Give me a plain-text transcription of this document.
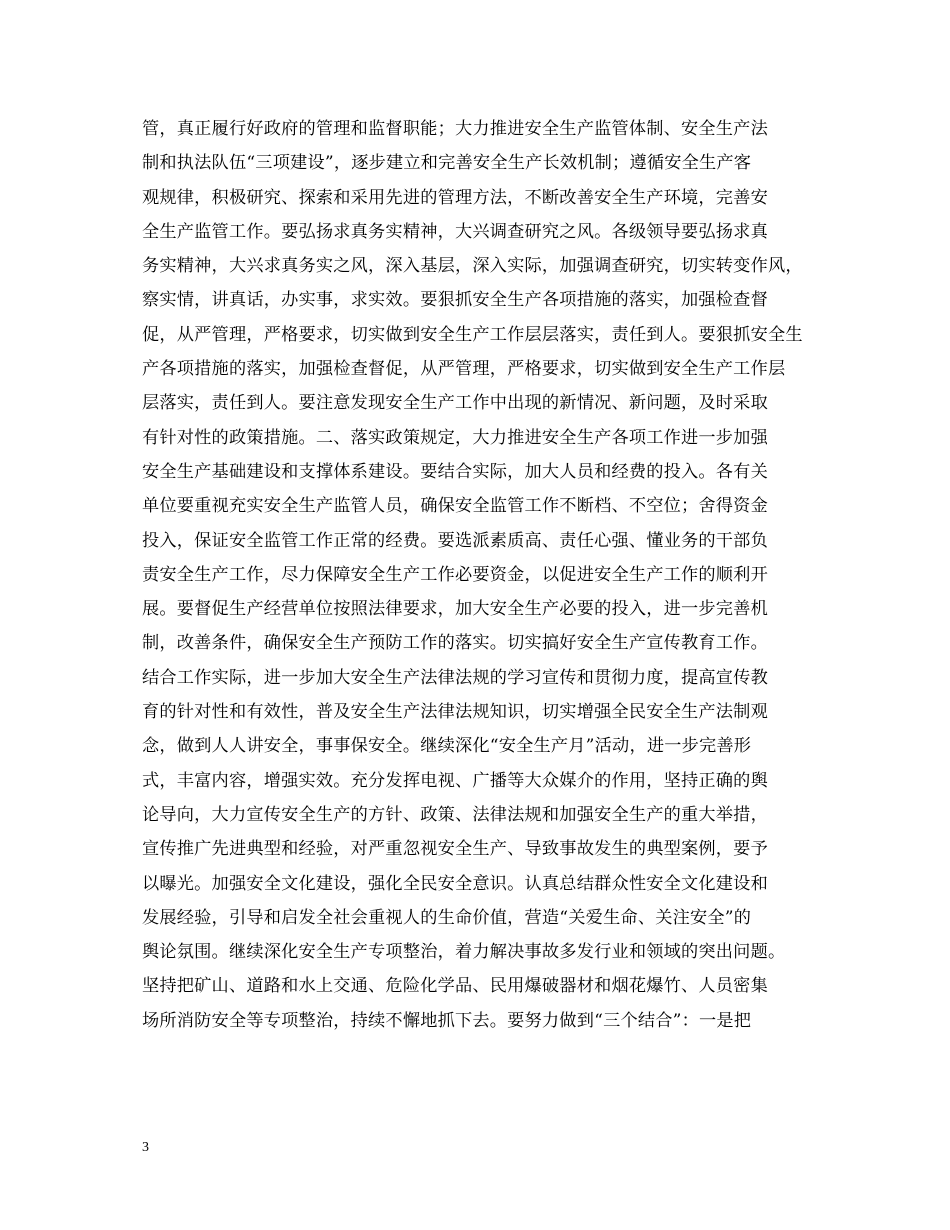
管，真正履行好政府的管理和监督职能；大力推进安全生产监管体制、安全生产法
制和执法队伍“三项建设”，逐步建立和完善安全生产长效机制；遵循安全生产客
观规律，积极研究、探索和采用先进的管理方法，不断改善安全生产环境，完善安
全生产监管工作。要弘扬求真务实精神，大兴调查研究之风。各级领导要弘扬求真
务实精神，大兴求真务实之风，深入基层，深入实际，加强调查研究，切实转变作风，
察实情，讲真话，办实事，求实效。要狠抓安全生产各项措施的落实，加强检查督
促，从严管理，严格要求，切实做到安全生产工作层层落实，责任到人。要狠抓安全生
产各项措施的落实，加强检查督促，从严管理，严格要求，切实做到安全生产工作层
层落实，责任到人。要注意发现安全生产工作中出现的新情况、新问题，及时采取
有针对性的政策措施。二、落实政策规定，大力推进安全生产各项工作进一步加强
安全生产基础建设和支撑体系建设。要结合实际，加大人员和经费的投入。各有关
单位要重视充实安全生产监管人员，确保安全监管工作不断档、不空位；舍得资金
投入，保证安全监管工作正常的经费。要选派素质高、责任心强、懂业务的干部负
责安全生产工作，尽力保障安全生产工作必要资金，以促进安全生产工作的顺利开
展。要督促生产经营单位按照法律要求，加大安全生产必要的投入，进一步完善机
制，改善条件，确保安全生产预防工作的落实。切实搞好安全生产宣传教育工作。
结合工作实际，进一步加大安全生产法律法规的学习宣传和贯彻力度，提高宣传教
育的针对性和有效性，普及安全生产法律法规知识，切实增强全民安全生产法制观
念，做到人人讲安全，事事保安全。继续深化“安全生产月”活动，进一步完善形
式，丰富内容，增强实效。充分发挥电视、广播等大众媒介的作用，坚持正确的舆
论导向，大力宣传安全生产的方针、政策、法律法规和加强安全生产的重大举措，
宣传推广先进典型和经验，对严重忽视安全生产、导致事故发生的典型案例，要予
以曝光。加强安全文化建设，强化全民安全意识。认真总结群众性安全文化建设和
发展经验，引导和启发全社会重视人的生命价值，营造“关爱生命、关注安全”的
舆论氛围。继续深化安全生产专项整治，着力解决事故多发行业和领域的突出问题。
坚持把矿山、道路和水上交通、危险化学品、民用爆破器材和烟花爆竹、人员密集
场所消防安全等专项整治，持续不懈地抓下去。要努力做到“三个结合”：一是把
3
